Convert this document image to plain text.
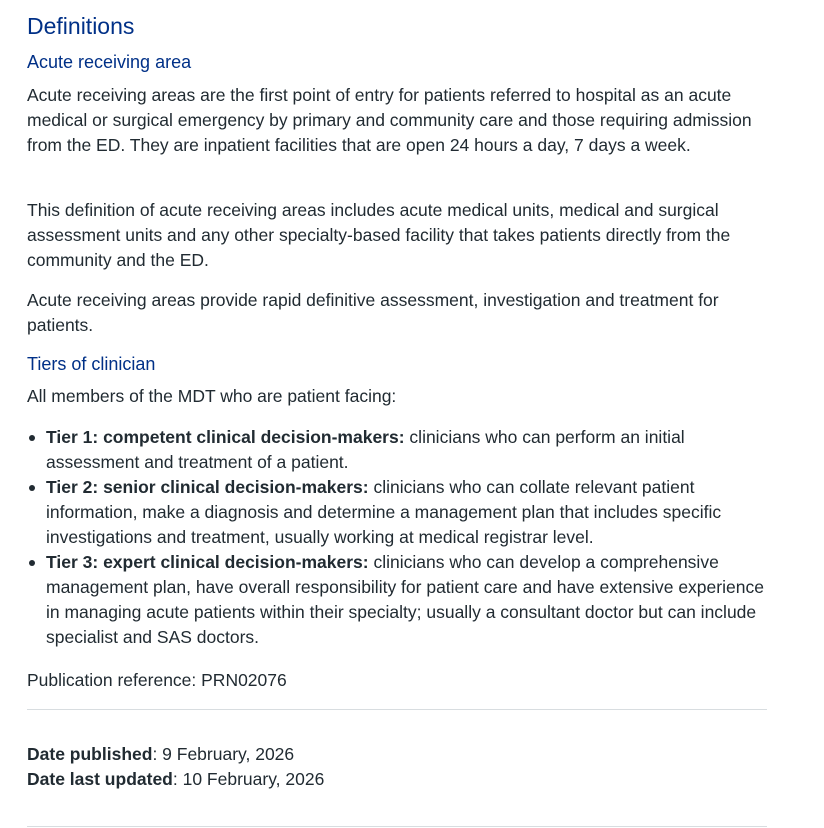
Definitions
Acute receiving area

Acute receiving areas are the first point of entry for patients referred to hospital as an acute medical or surgical emergency by primary and community care and those requiring admission from the ED. They are inpatient facilities that are open 24 hours a day, 7 days a week.

This definition of acute receiving areas includes acute medical units, medical and surgical assessment units and any other specialty-based facility that takes patients directly from the community and the ED.

Acute receiving areas provide rapid definitive assessment, investigation and treatment for patients.

Tiers of clinician

All members of the MDT who are patient facing:

Tier 1: competent clinical decision-makers: clinicians who can perform an initial assessment and treatment of a patient.
Tier 2: senior clinical decision-makers: clinicians who can collate relevant patient information, make a diagnosis and determine a management plan that includes specific investigations and treatment, usually working at medical registrar level.
Tier 3: expert clinical decision-makers: clinicians who can develop a comprehensive management plan, have overall responsibility for patient care and have extensive experience in managing acute patients within their specialty; usually a consultant doctor but can include specialist and SAS doctors.

Publication reference: PRN02076

Date published: 9 February, 2026
Date last updated: 10 February, 2026
